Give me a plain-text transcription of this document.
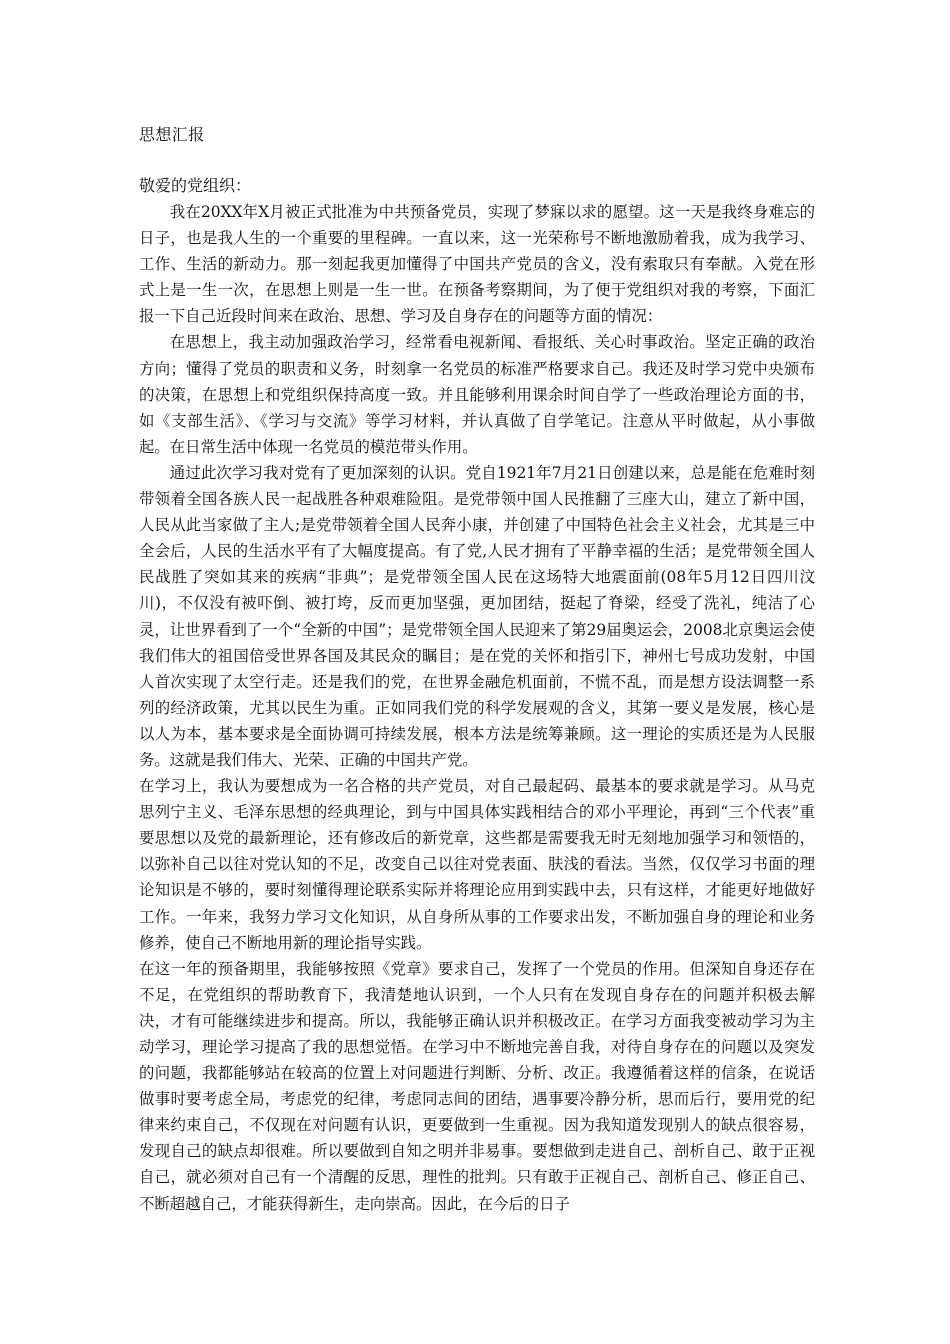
思想汇报
敬爱的党组织：

我在20XX年X月被正式批准为中共预备党员，实现了梦寐以求的愿望。这一天是我终身难忘的日子，也是我人生的一个重要的里程碑。一直以来，这一光荣称号不断地激励着我，成为我学习、工作、生活的新动力。那一刻起我更加懂得了中国共产党员的含义，没有索取只有奉献。入党在形式上是一生一次，在思想上则是一生一世。在预备考察期间，为了便于党组织对我的考察，下面汇报一下自己近段时间来在政治、思想、学习及自身存在的问题等方面的情况：

在思想上，我主动加强政治学习，经常看电视新闻、看报纸、关心时事政治。坚定正确的政治方向；懂得了党员的职责和义务，时刻拿一名党员的标准严格要求自己。我还及时学习党中央颁布的决策，在思想上和党组织保持高度一致。并且能够利用课余时间自学了一些政治理论方面的书，如《支部生活》、《学习与交流》等学习材料，并认真做了自学笔记。注意从平时做起，从小事做起。在日常生活中体现一名党员的模范带头作用。

通过此次学习我对党有了更加深刻的认识。党自1921年7月21日创建以来，总是能在危难时刻带领着全国各族人民一起战胜各种艰难险阻。是党带领中国人民推翻了三座大山，建立了新中国，人民从此当家做了主人;是党带领着全国人民奔小康，并创建了中国特色社会主义社会，尤其是三中全会后，人民的生活水平有了大幅度提高。有了党,人民才拥有了平静幸福的生活；是党带领全国人民战胜了突如其来的疾病“非典”；是党带领全国人民在这场特大地震面前(08年5月12日四川汶川)，不仅没有被吓倒、被打垮，反而更加坚强，更加团结，挺起了脊梁，经受了洗礼，纯洁了心灵，让世界看到了一个“全新的中国”；是党带领全国人民迎来了第29届奥运会，2008北京奥运会使我们伟大的祖国倍受世界各国及其民众的瞩目；是在党的关怀和指引下，神州七号成功发射，中国人首次实现了太空行走。还是我们的党，在世界金融危机面前，不慌不乱，而是想方设法调整一系列的经济政策，尤其以民生为重。正如同我们党的科学发展观的含义，其第一要义是发展，核心是以人为本，基本要求是全面协调可持续发展，根本方法是统筹兼顾。这一理论的实质还是为人民服务。这就是我们伟大、光荣、正确的中国共产党。

在学习上，我认为要想成为一名合格的共产党员，对自己最起码、最基本的要求就是学习。从马克思列宁主义、毛泽东思想的经典理论，到与中国具体实践相结合的邓小平理论，再到“三个代表”重要思想以及党的最新理论，还有修改后的新党章，这些都是需要我无时无刻地加强学习和领悟的，以弥补自己以往对党认知的不足，改变自己以往对党表面、肤浅的看法。当然，仅仅学习书面的理论知识是不够的，要时刻懂得理论联系实际并将理论应用到实践中去，只有这样，才能更好地做好工作。一年来，我努力学习文化知识，从自身所从事的工作要求出发，不断加强自身的理论和业务修养，使自己不断地用新的理论指导实践。

在这一年的预备期里，我能够按照《党章》要求自己，发挥了一个党员的作用。但深知自身还存在不足，在党组织的帮助教育下，我清楚地认识到，一个人只有在发现自身存在的问题并积极去解决，才有可能继续进步和提高。所以，我能够正确认识并积极改正。在学习方面我变被动学习为主动学习，理论学习提高了我的思想觉悟。在学习中不断地完善自我，对待自身存在的问题以及突发的问题，我都能够站在较高的位置上对问题进行判断、分析、改正。我遵循着这样的信条，在说话做事时要考虑全局，考虑党的纪律，考虑同志间的团结，遇事要冷静分析，思而后行，要用党的纪律来约束自己，不仅现在对问题有认识，更要做到一生重视。因为我知道发现别人的缺点很容易，发现自己的缺点却很难。所以要做到自知之明并非易事。要想做到走进自己、剖析自己、敢于正视自己，就必须对自己有一个清醒的反思，理性的批判。只有敢于正视自己、剖析自己、修正自己、不断超越自己，才能获得新生，走向崇高。因此，在今后的日子
